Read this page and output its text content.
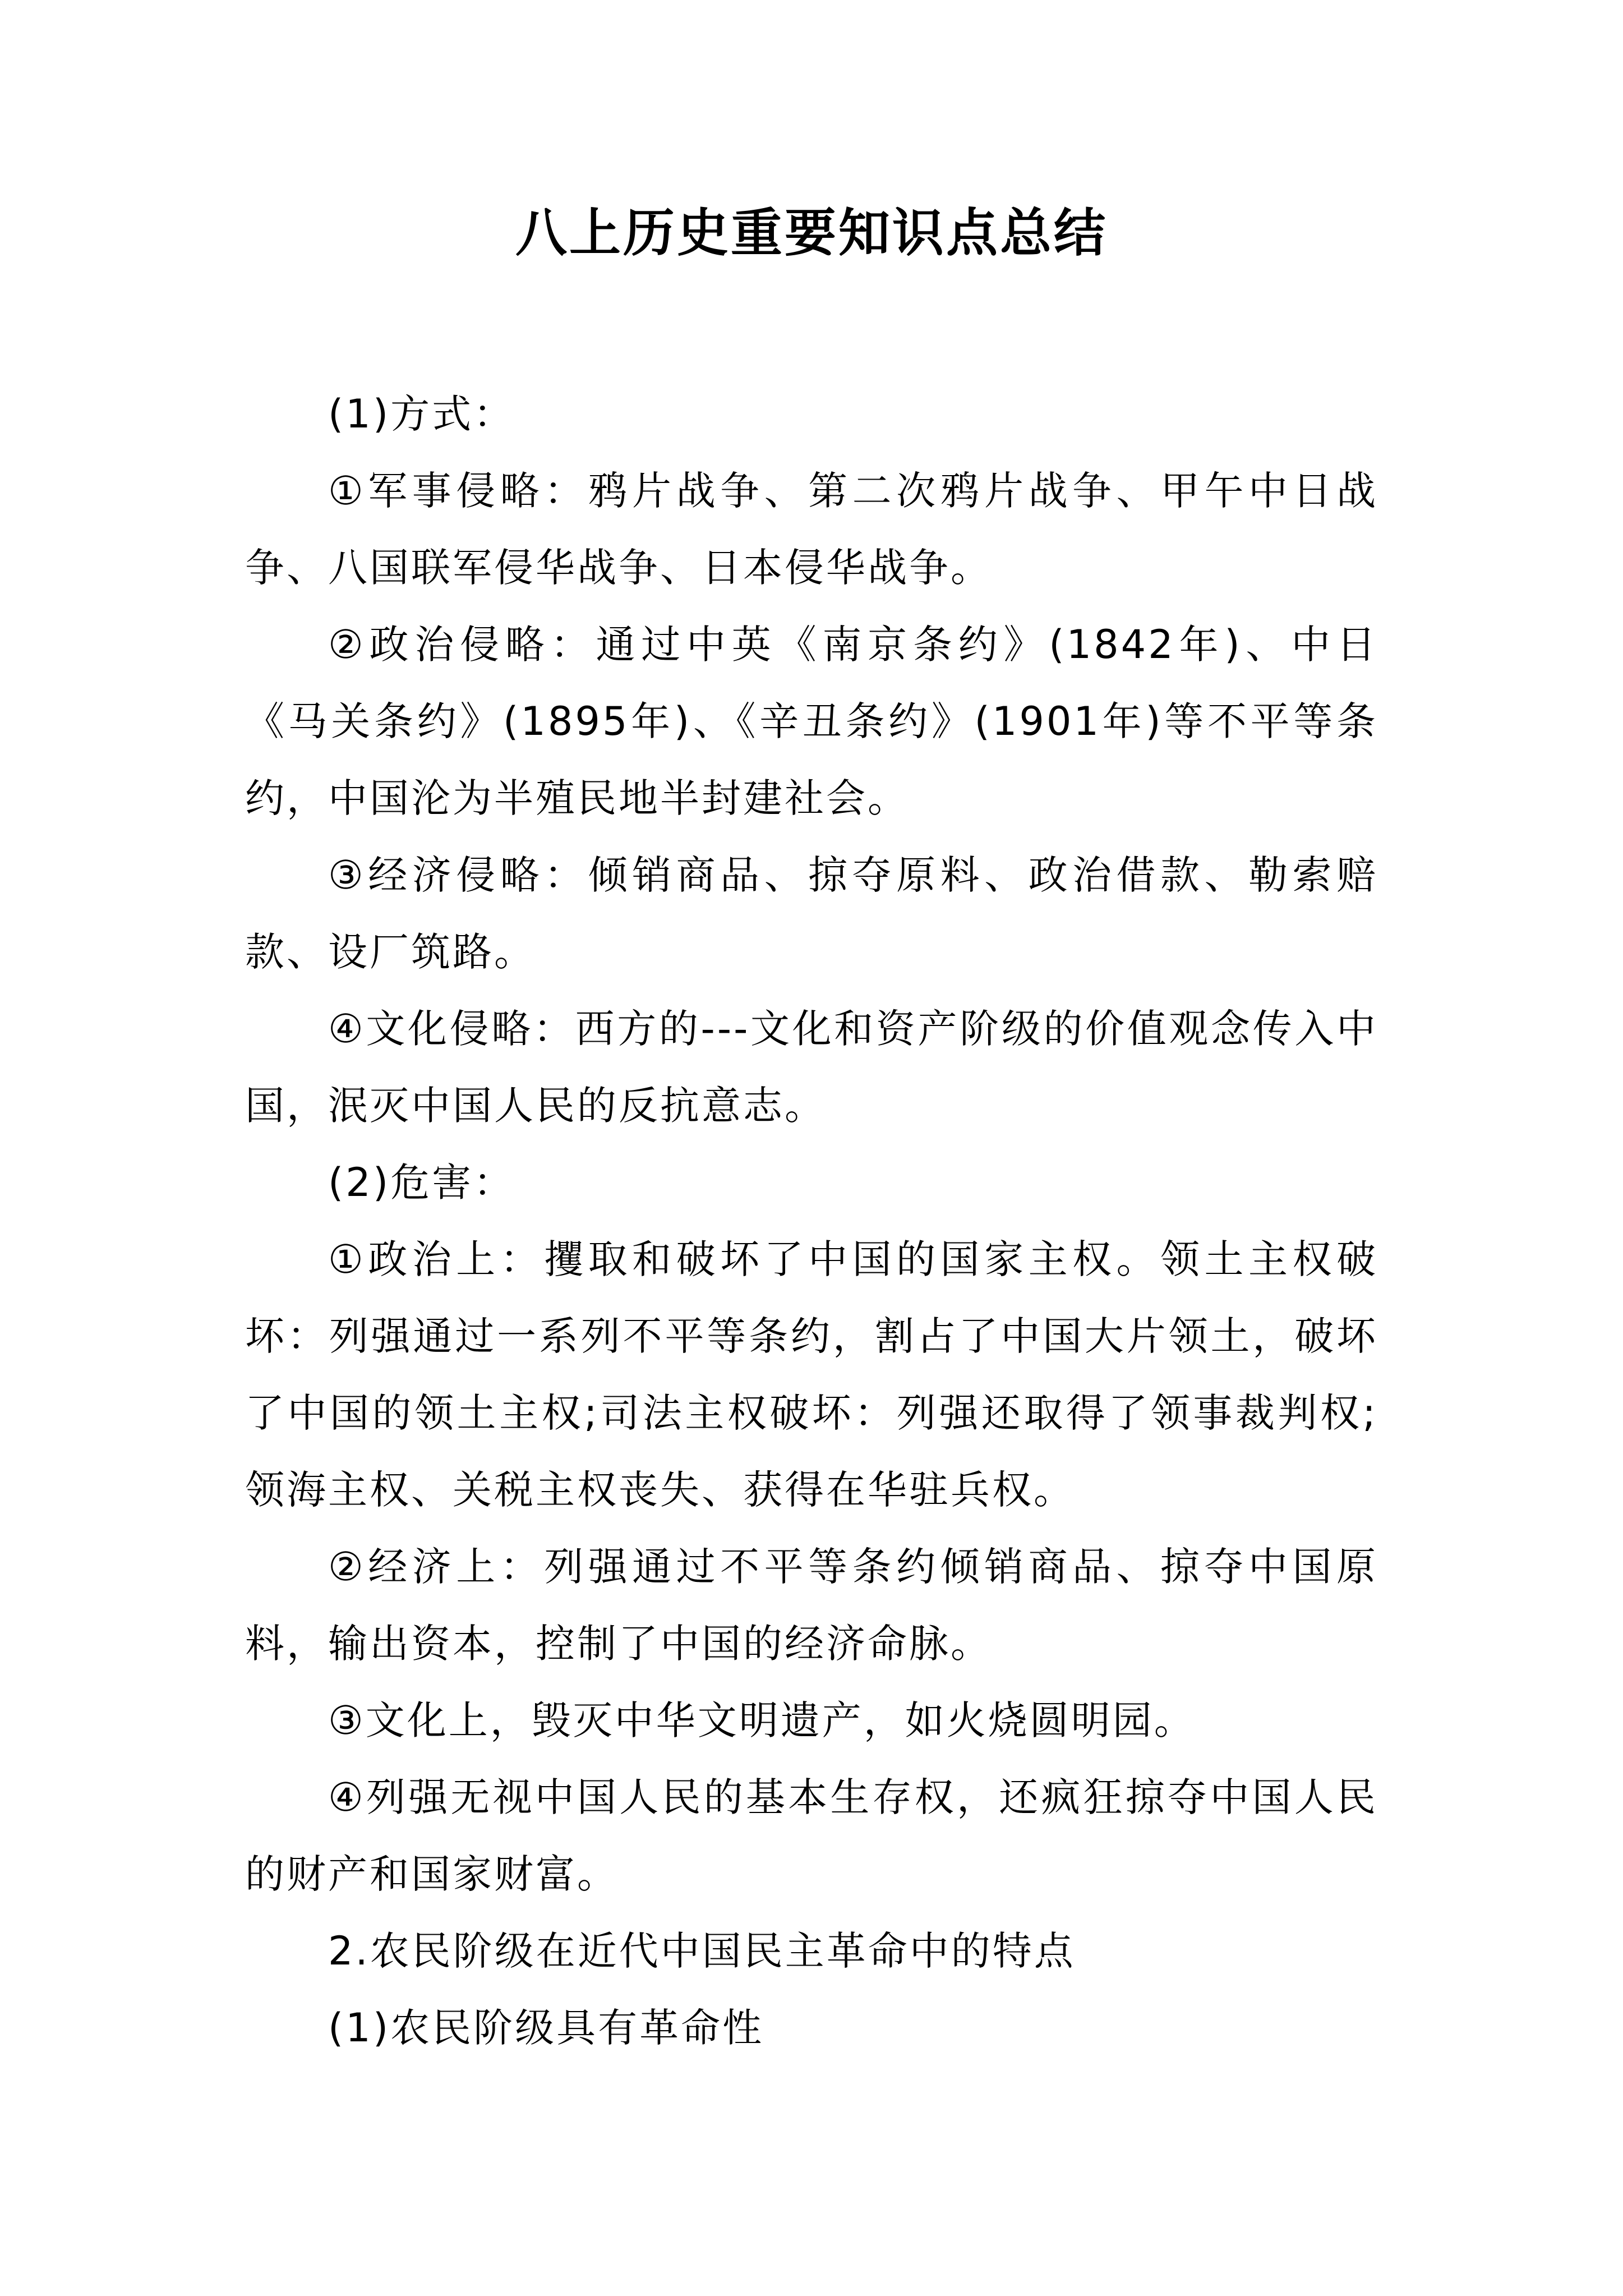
八上历史重要知识点总结

(1)方式：

①军事侵略：鸦片战争、第二次鸦片战争、甲午中日战争、八国联军侵华战争、日本侵华战争。

②政治侵略：通过中英《南京条约》(1842年)、中日《马关条约》(1895年)、《辛丑条约》(1901年)等不平等条约，中国沦为半殖民地半封建社会。

③经济侵略：倾销商品、掠夺原料、政治借款、勒索赔款、设厂筑路。

④文化侵略：西方的---文化和资产阶级的价值观念传入中国，泯灭中国人民的反抗意志。

(2)危害：

①政治上：攫取和破坏了中国的国家主权。领土主权破坏：列强通过一系列不平等条约，割占了中国大片领土，破坏了中国的领土主权;司法主权破坏：列强还取得了领事裁判权;领海主权、关税主权丧失、获得在华驻兵权。

②经济上：列强通过不平等条约倾销商品、掠夺中国原料，输出资本，控制了中国的经济命脉。

③文化上，毁灭中华文明遗产，如火烧圆明园。

④列强无视中国人民的基本生存权，还疯狂掠夺中国人民的财产和国家财富。

2.农民阶级在近代中国民主革命中的特点

(1)农民阶级具有革命性
